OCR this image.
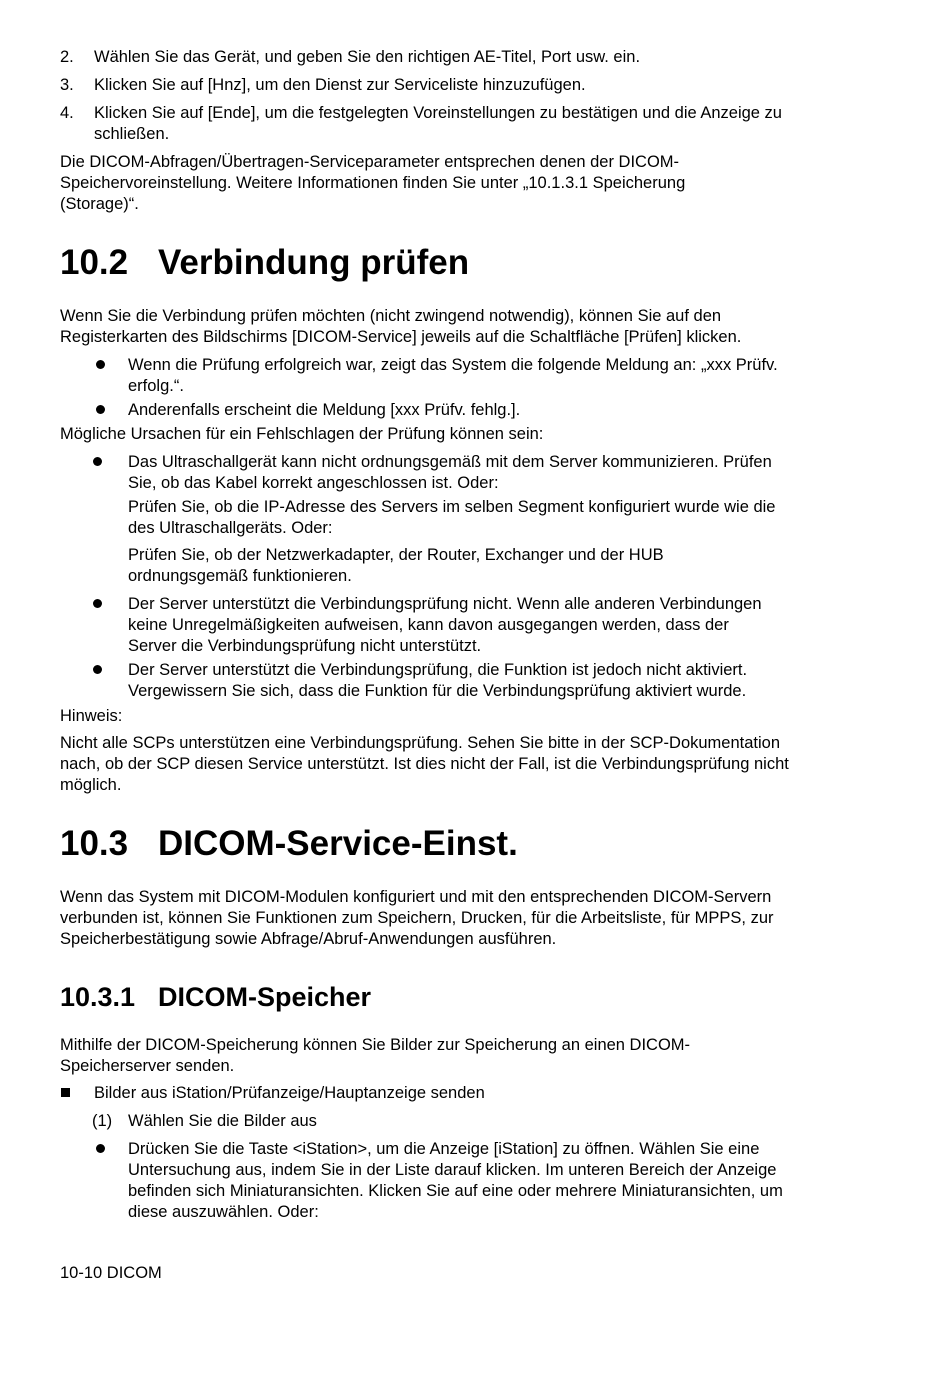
2. Wählen Sie das Gerät, und geben Sie den richtigen AE-Titel, Port usw. ein.

3. Klicken Sie auf [Hnz], um den Dienst zur Serviceliste hinzuzufügen.

4. Klicken Sie auf [Ende], um die festgelegten Voreinstellungen zu bestätigen und die Anzeige zu schließen.

Die DICOM-Abfragen/Übertragen-Serviceparameter entsprechen denen der DICOM-Speichervoreinstellung. Weitere Informationen finden Sie unter „10.1.3.1 Speicherung (Storage)“.

10.2 Verbindung prüfen

Wenn Sie die Verbindung prüfen möchten (nicht zwingend notwendig), können Sie auf den Registerkarten des Bildschirms [DICOM-Service] jeweils auf die Schaltfläche [Prüfen] klicken.

Wenn die Prüfung erfolgreich war, zeigt das System die folgende Meldung an: „xxx Prüfv. erfolg.“.

Anderenfalls erscheint die Meldung [xxx Prüfv. fehlg.].

Mögliche Ursachen für ein Fehlschlagen der Prüfung können sein:

Das Ultraschallgerät kann nicht ordnungsgemäß mit dem Server kommunizieren. Prüfen Sie, ob das Kabel korrekt angeschlossen ist. Oder:

Prüfen Sie, ob die IP-Adresse des Servers im selben Segment konfiguriert wurde wie die des Ultraschallgeräts. Oder:

Prüfen Sie, ob der Netzwerkadapter, der Router, Exchanger und der HUB ordnungsgemäß funktionieren.

Der Server unterstützt die Verbindungsprüfung nicht. Wenn alle anderen Verbindungen keine Unregelmäßigkeiten aufweisen, kann davon ausgegangen werden, dass der Server die Verbindungsprüfung nicht unterstützt.

Der Server unterstützt die Verbindungsprüfung, die Funktion ist jedoch nicht aktiviert. Vergewissern Sie sich, dass die Funktion für die Verbindungsprüfung aktiviert wurde.

Hinweis:

Nicht alle SCPs unterstützen eine Verbindungsprüfung. Sehen Sie bitte in der SCP-Dokumentation nach, ob der SCP diesen Service unterstützt. Ist dies nicht der Fall, ist die Verbindungsprüfung nicht möglich.

10.3 DICOM-Service-Einst.

Wenn das System mit DICOM-Modulen konfiguriert und mit den entsprechenden DICOM-Servern verbunden ist, können Sie Funktionen zum Speichern, Drucken, für die Arbeitsliste, für MPPS, zur Speicherbestätigung sowie Abfrage/Abruf-Anwendungen ausführen.

10.3.1 DICOM-Speicher

Mithilfe der DICOM-Speicherung können Sie Bilder zur Speicherung an einen DICOM-Speicherserver senden.

Bilder aus iStation/Prüfanzeige/Hauptanzeige senden

(1) Wählen Sie die Bilder aus

Drücken Sie die Taste <iStation>, um die Anzeige [iStation] zu öffnen. Wählen Sie eine Untersuchung aus, indem Sie in der Liste darauf klicken. Im unteren Bereich der Anzeige befinden sich Miniaturansichten. Klicken Sie auf eine oder mehrere Miniaturansichten, um diese auszuwählen. Oder:

10-10 DICOM
